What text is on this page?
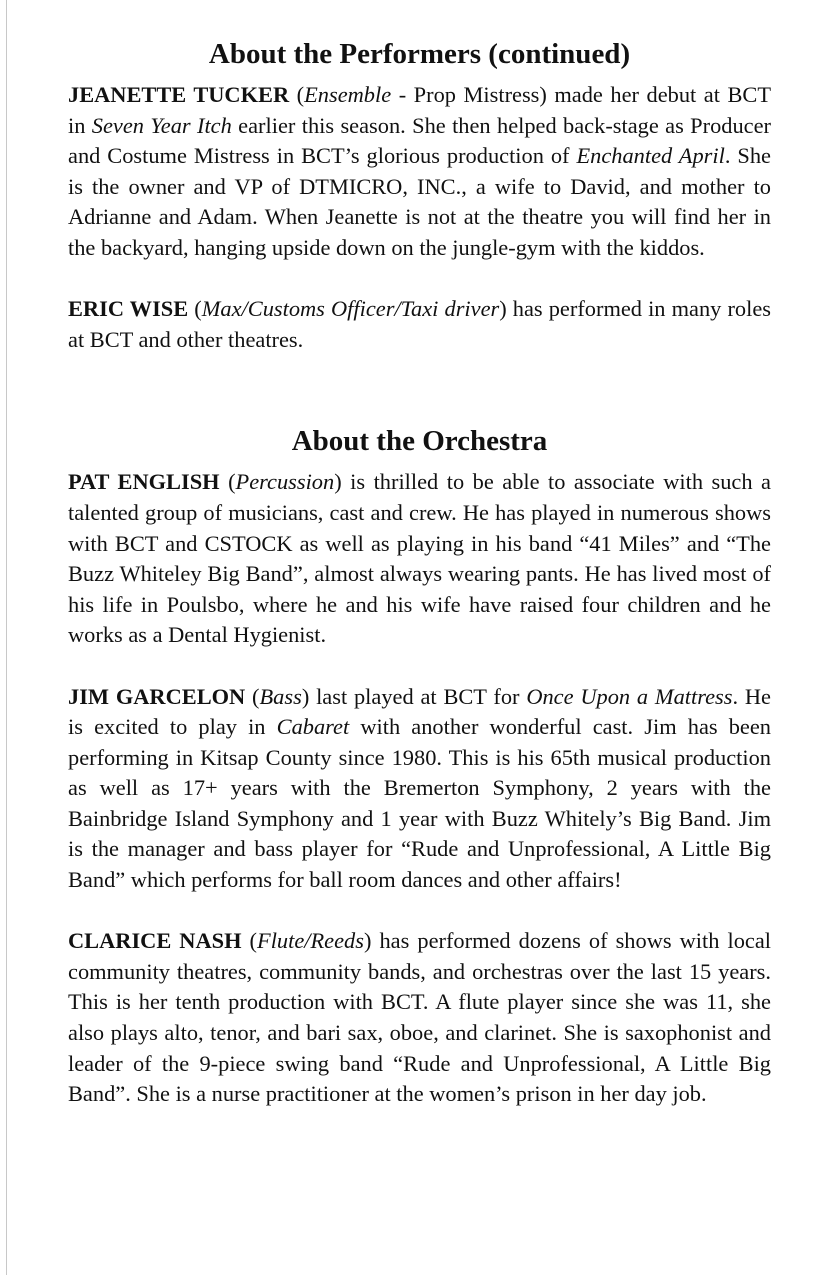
About the Performers (continued)

JEANETTE TUCKER (Ensemble - Prop Mistress) made her debut at BCT in Seven Year Itch earlier this season. She then helped back-stage as Producer and Costume Mistress in BCT’s glorious production of Enchanted April. She is the owner and VP of DTMICRO, INC., a wife to David, and mother to Adrianne and Adam. When Jeanette is not at the theatre you will find her in the backyard, hanging upside down on the jungle-gym with the kiddos.

ERIC WISE (Max/Customs Officer/Taxi driver) has performed in many roles at BCT and other theatres.

About the Orchestra

PAT ENGLISH (Percussion) is thrilled to be able to associate with such a talented group of musicians, cast and crew. He has played in numerous shows with BCT and CSTOCK as well as playing in his band “41 Miles” and “The Buzz Whiteley Big Band”, almost always wearing pants. He has lived most of his life in Poulsbo, where he and his wife have raised four children and he works as a Dental Hygienist.

JIM GARCELON (Bass) last played at BCT for Once Upon a Mattress. He is excited to play in Cabaret with another wonderful cast. Jim has been performing in Kitsap County since 1980. This is his 65th musical production as well as 17+ years with the Bremerton Symphony, 2 years with the Bainbridge Island Symphony and 1 year with Buzz Whitely’s Big Band. Jim is the manager and bass player for “Rude and Unprofessional, A Little Big Band” which performs for ball room dances and other affairs!

CLARICE NASH (Flute/Reeds) has performed dozens of shows with local community theatres, community bands, and orchestras over the last 15 years. This is her tenth production with BCT. A flute player since she was 11, she also plays alto, tenor, and bari sax, oboe, and clarinet. She is saxophonist and leader of the 9-piece swing band “Rude and Unprofessional, A Little Big Band”. She is a nurse practitioner at the women’s prison in her day job.
